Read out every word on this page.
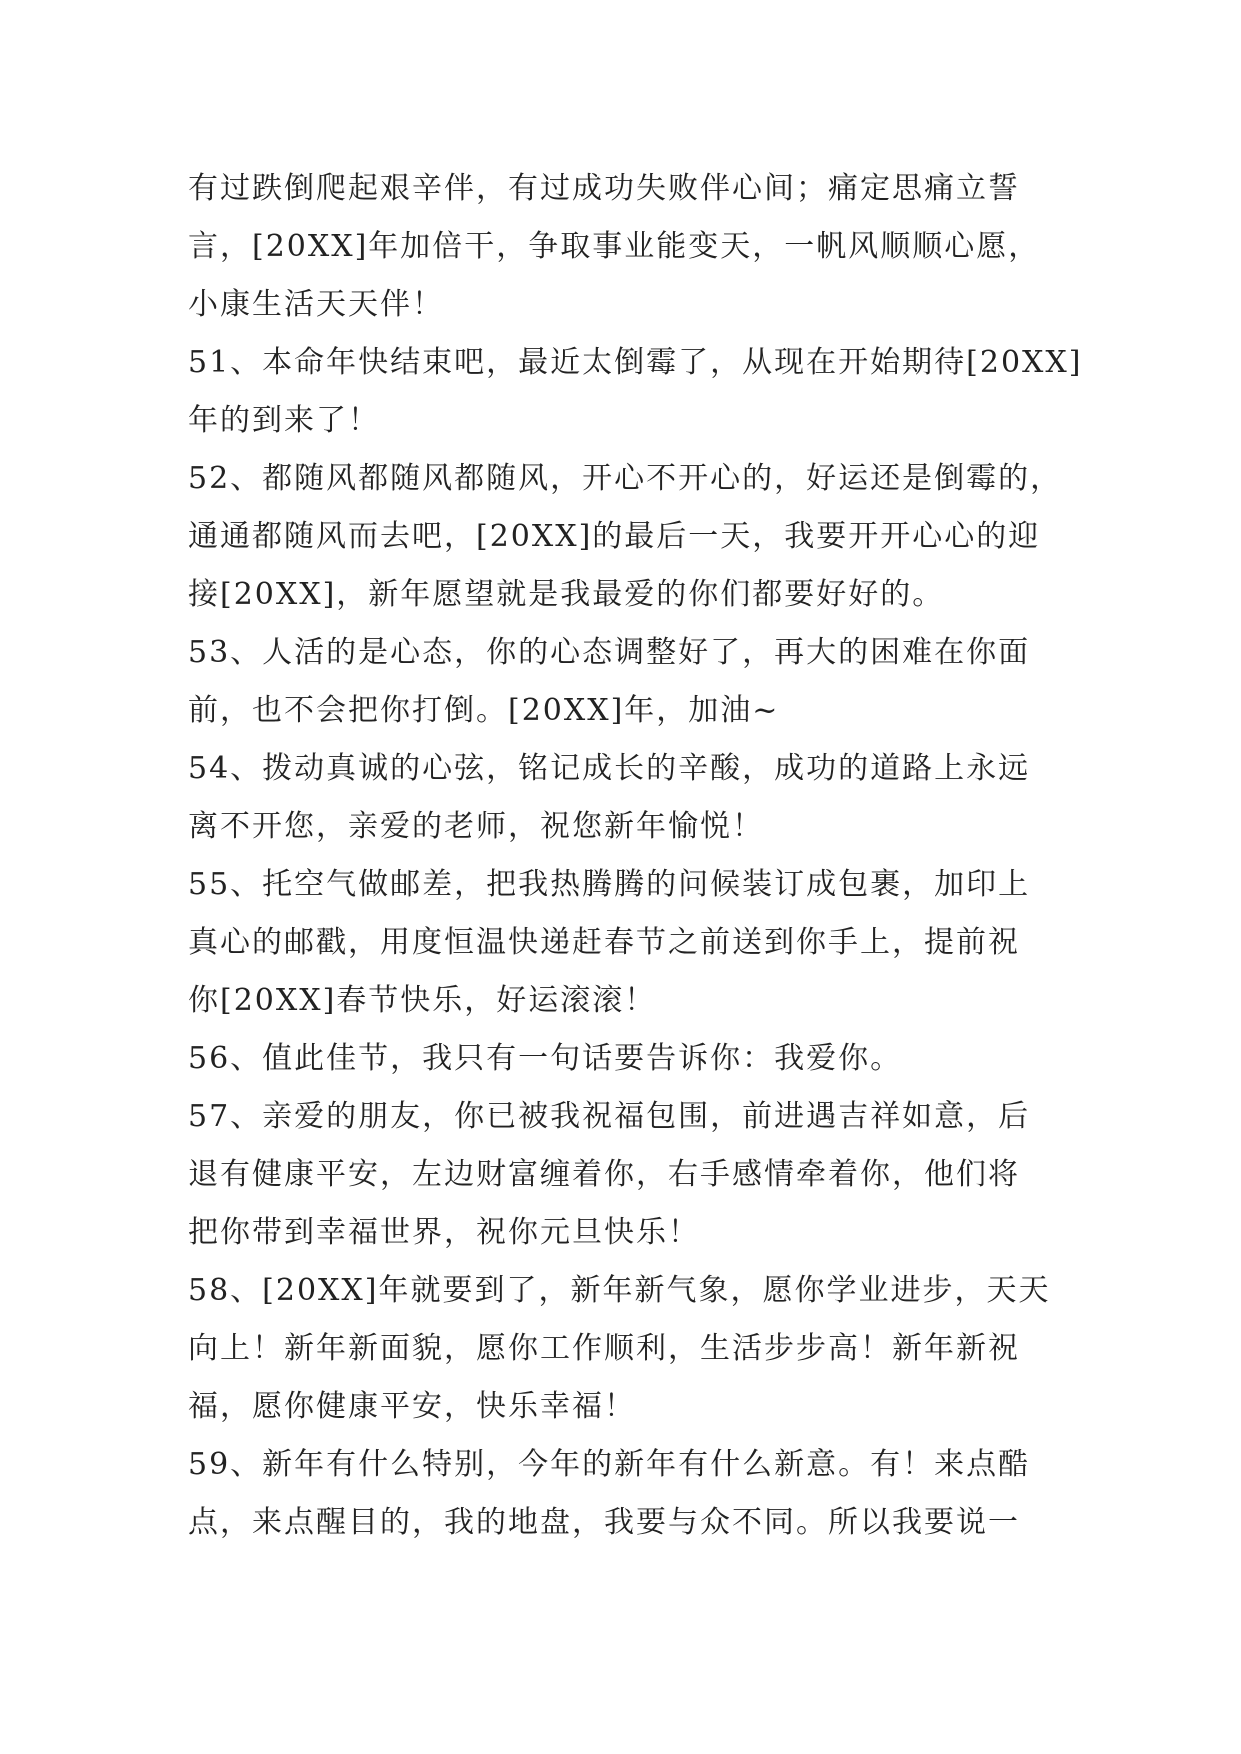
有过跌倒爬起艰辛伴，有过成功失败伴心间；痛定思痛立誓
言，[20XX]年加倍干，争取事业能变天，一帆风顺顺心愿，
小康生活天天伴！
51、本命年快结束吧，最近太倒霉了，从现在开始期待[20XX]
年的到来了！
52、都随风都随风都随风，开心不开心的，好运还是倒霉的，
通通都随风而去吧，[20XX]的最后一天，我要开开心心的迎
接[20XX]，新年愿望就是我最爱的你们都要好好的。
53、人活的是心态，你的心态调整好了，再大的困难在你面
前，也不会把你打倒。[20XX]年，加油~
54、拨动真诚的心弦，铭记成长的辛酸，成功的道路上永远
离不开您，亲爱的老师，祝您新年愉悦！
55、托空气做邮差，把我热腾腾的问候装订成包裹，加印上
真心的邮戳，用度恒温快递赶春节之前送到你手上，提前祝
你[20XX]春节快乐，好运滚滚！
56、值此佳节，我只有一句话要告诉你：我爱你。
57、亲爱的朋友，你已被我祝福包围，前进遇吉祥如意，后
退有健康平安，左边财富缠着你，右手感情牵着你，他们将
把你带到幸福世界，祝你元旦快乐！
58、[20XX]年就要到了，新年新气象，愿你学业进步，天天
向上！新年新面貌，愿你工作顺利，生活步步高！新年新祝
福，愿你健康平安，快乐幸福！
59、新年有什么特别，今年的新年有什么新意。有！来点酷
点，来点醒目的，我的地盘，我要与众不同。所以我要说一
